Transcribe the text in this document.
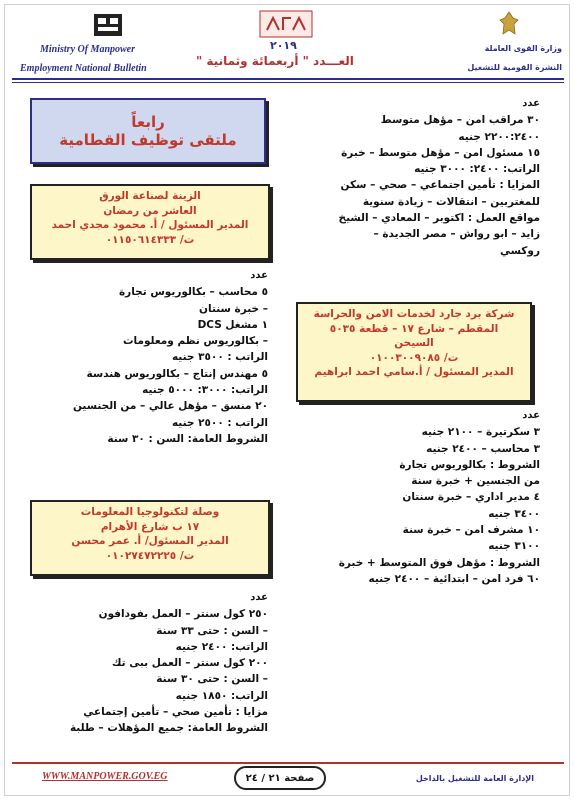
Ministry Of Manpower
Employment National Bulletin
٢٠١٩
العـــدد " أربعمائة وثمانية "
وزارة القوى العاملة
النشرة القومية للتشغيل
رابعاً
ملتقى توظيف القطامية
عدد
٣٠ مراقب امن – مؤهل متوسط
٢٢٠٠:٢٤٠٠ جنيه
١٥ مسئول امن – مؤهل متوسط – خبرة
الراتب: ٢٤٠٠: ٣٠٠٠ جنيه
المزايا : تأمين اجتماعي – صحي – سكن
للمغتربين – انتقالات – زيادة سنوية
مواقع العمل : اكتوبر – المعادي – الشيخ
زايد – ابو رواش – مصر الجديدة –
روكسي
شركة برد جارد لخدمات الامن والحراسة
المقطم – شارع ١٧ – قطعة ٥٠٣٥
السيحن
ت/ ٠١٠٠٣٠٠٩٠٨٥
المدير المسئول / أ.سامي احمد ابراهيم
عدد
٣ سكرتيرة – ٢١٠٠ جنيه
٣ محاسب – ٢٤٠٠ جنيه
الشروط : بكالوريوس تجارة
من الجنسين + خبرة سنة
٤ مدير اداري – خبرة سنتان
٣٤٠٠ جنيه
١٠ مشرف امن – خبرة سنة
٣١٠٠ جنيه
الشروط : مؤهل فوق المتوسط + خبرة
٦٠ فرد امن – ابتدائية – ٢٤٠٠ جنيه
الزينة لصناعة الورق
العاشر من رمضان
المدير المسئول / أ. محمود مجدي احمد
ت/ ٠١١٥٠٦١٤٣٣٣
عدد
٥ محاسب – بكالوريوس تجارة
– خبرة سنتان
١ مشغل DCS
– بكالوريوس نظم ومعلومات
الراتب : ٣٥٠٠ جنيه
٥ مهندس إنتاج – بكالوريوس هندسة
الراتب: ٣٠٠٠: ٥٠٠٠ جنيه
٢٠ منسق – مؤهل عالي – من الجنسين
الراتب : ٢٥٠٠ جنيه
الشروط العامة: السن : ٣٠ سنة
وصلة لتكنولوجيا المعلومات
١٧ ب شارع الأهرام
المدير المسئول/ أ. عمر محسن
ت/ ٠١٠٢٧٤٧٢٢٢٥
عدد
٢٥٠ كول سنتر – العمل بفودافون
– السن : حتى ٣٣ سنة
الراتب: ٢٤٠٠ جنيه
٢٠٠ كول سنتر – العمل ببى تك
– السن : حتى ٣٠ سنة
الراتب: ١٨٥٠ جنيه
مزايا : تأمين صحي – تأمين إجتماعي
الشروط العامة: جميع المؤهلات – طلبة
WWW.MANPOWER.GOV.EG	صفحة ٢١ / ٢٤	الإدارة العامة للتشغيل بالداخل
